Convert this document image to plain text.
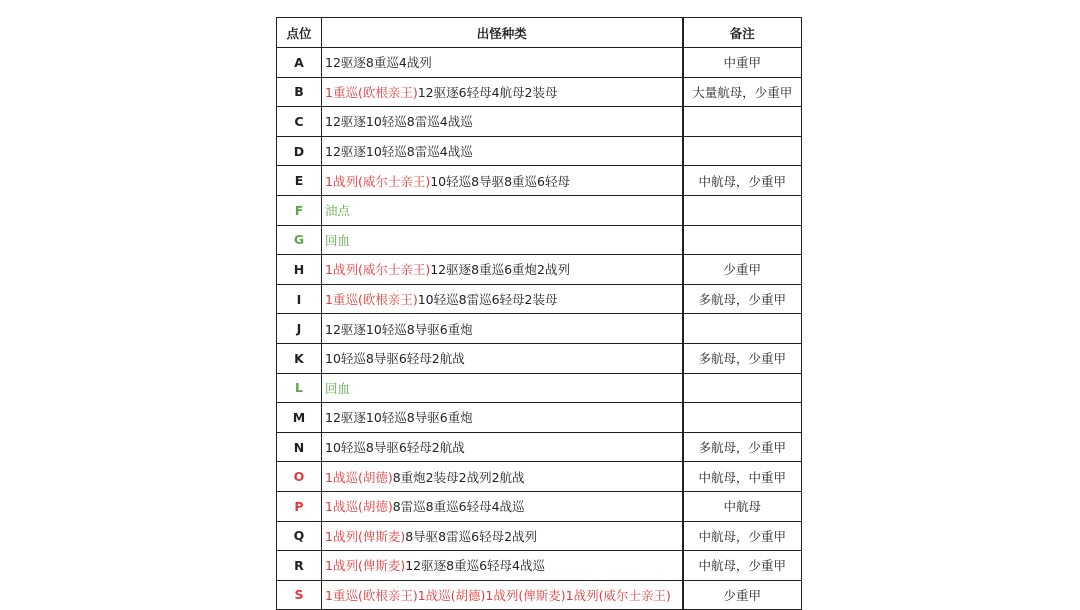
点位	出怪种类	备注
A	12驱逐8重巡4战列	中重甲
B	1重巡(欧根亲王)12驱逐6轻母4航母2装母	大量航母，少重甲
C	12驱逐10轻巡8雷巡4战巡	
D	12驱逐10轻巡8雷巡4战巡	
E	1战列(威尔士亲王)10轻巡8导驱8重巡6轻母	中航母，少重甲
F	油点	
G	回血	
H	1战列(威尔士亲王)12驱逐8重巡6重炮2战列	少重甲
I	1重巡(欧根亲王)10轻巡8雷巡6轻母2装母	多航母，少重甲
J	12驱逐10轻巡8导驱6重炮	
K	10轻巡8导驱6轻母2航战	多航母，少重甲
L	回血	
M	12驱逐10轻巡8导驱6重炮	
N	10轻巡8导驱6轻母2航战	多航母，少重甲
O	1战巡(胡德)8重炮2装母2战列2航战	中航母，中重甲
P	1战巡(胡德)8雷巡8重巡6轻母4战巡	中航母
Q	1战列(俾斯麦)8导驱8雷巡6轻母2战列	中航母，少重甲
R	1战列(俾斯麦)12驱逐8重巡6轻母4战巡	中航母，少重甲
S	1重巡(欧根亲王)1战巡(胡德)1战列(俾斯麦)1战列(威尔士亲王)	少重甲
